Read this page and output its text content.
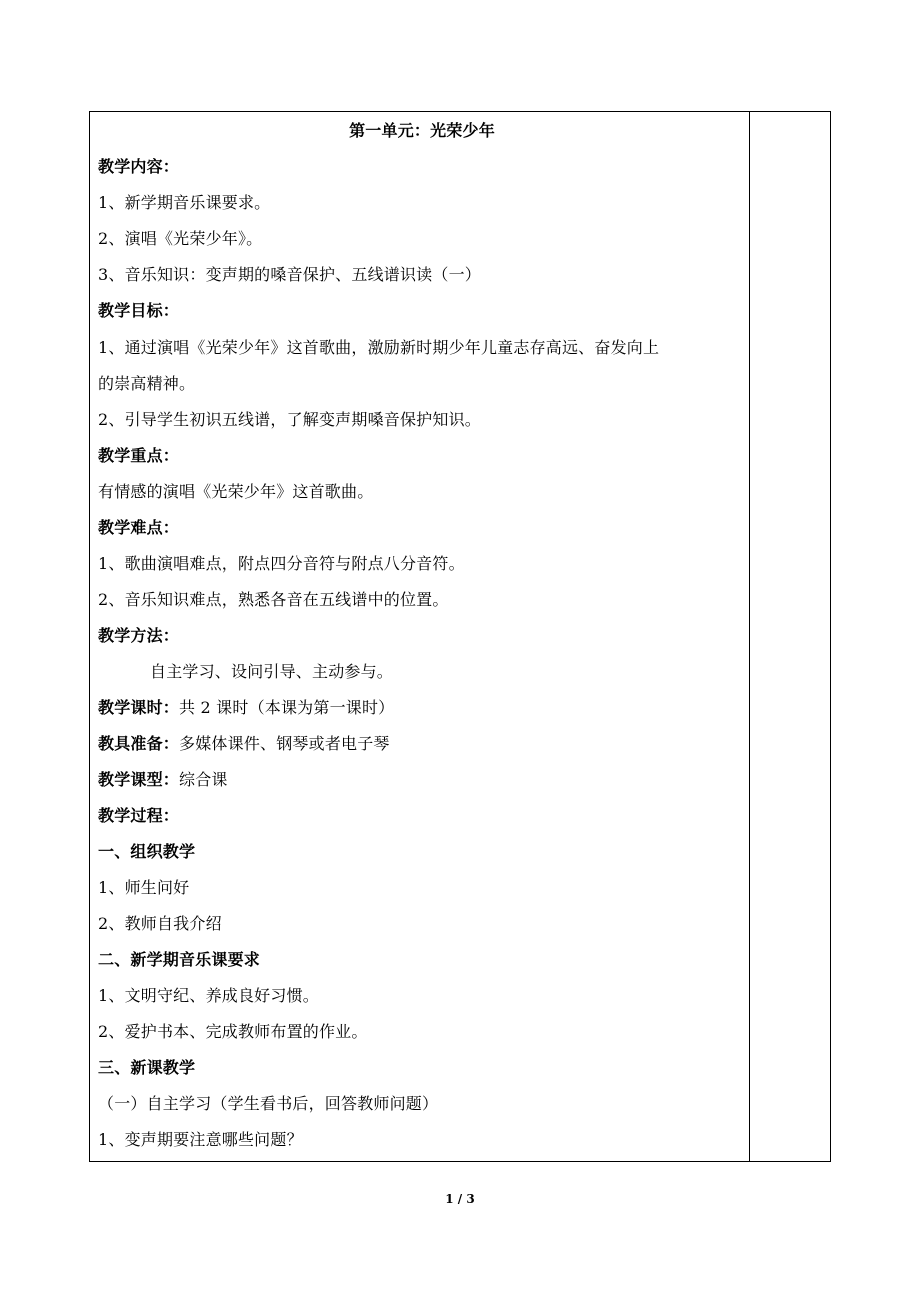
第一单元：光荣少年
教学内容：
1、新学期音乐课要求。
2、演唱《光荣少年》。
3、音乐知识：变声期的嗓音保护、五线谱识读（一）
教学目标：
1、通过演唱《光荣少年》这首歌曲，激励新时期少年儿童志存高远、奋发向上
的崇高精神。
2、引导学生初识五线谱，了解变声期嗓音保护知识。
教学重点：
有情感的演唱《光荣少年》这首歌曲。
教学难点：
1、歌曲演唱难点，附点四分音符与附点八分音符。
2、音乐知识难点，熟悉各音在五线谱中的位置。
教学方法：
自主学习、设问引导、主动参与。
教学课时：共 2 课时（本课为第一课时）
教具准备：多媒体课件、钢琴或者电子琴
教学课型：综合课
教学过程：
一、组织教学
1、师生问好
2、教师自我介绍
二、新学期音乐课要求
1、文明守纪、养成良好习惯。
2、爱护书本、完成教师布置的作业。
三、新课教学
（一）自主学习（学生看书后，回答教师问题）
1、变声期要注意哪些问题？
1 / 3
